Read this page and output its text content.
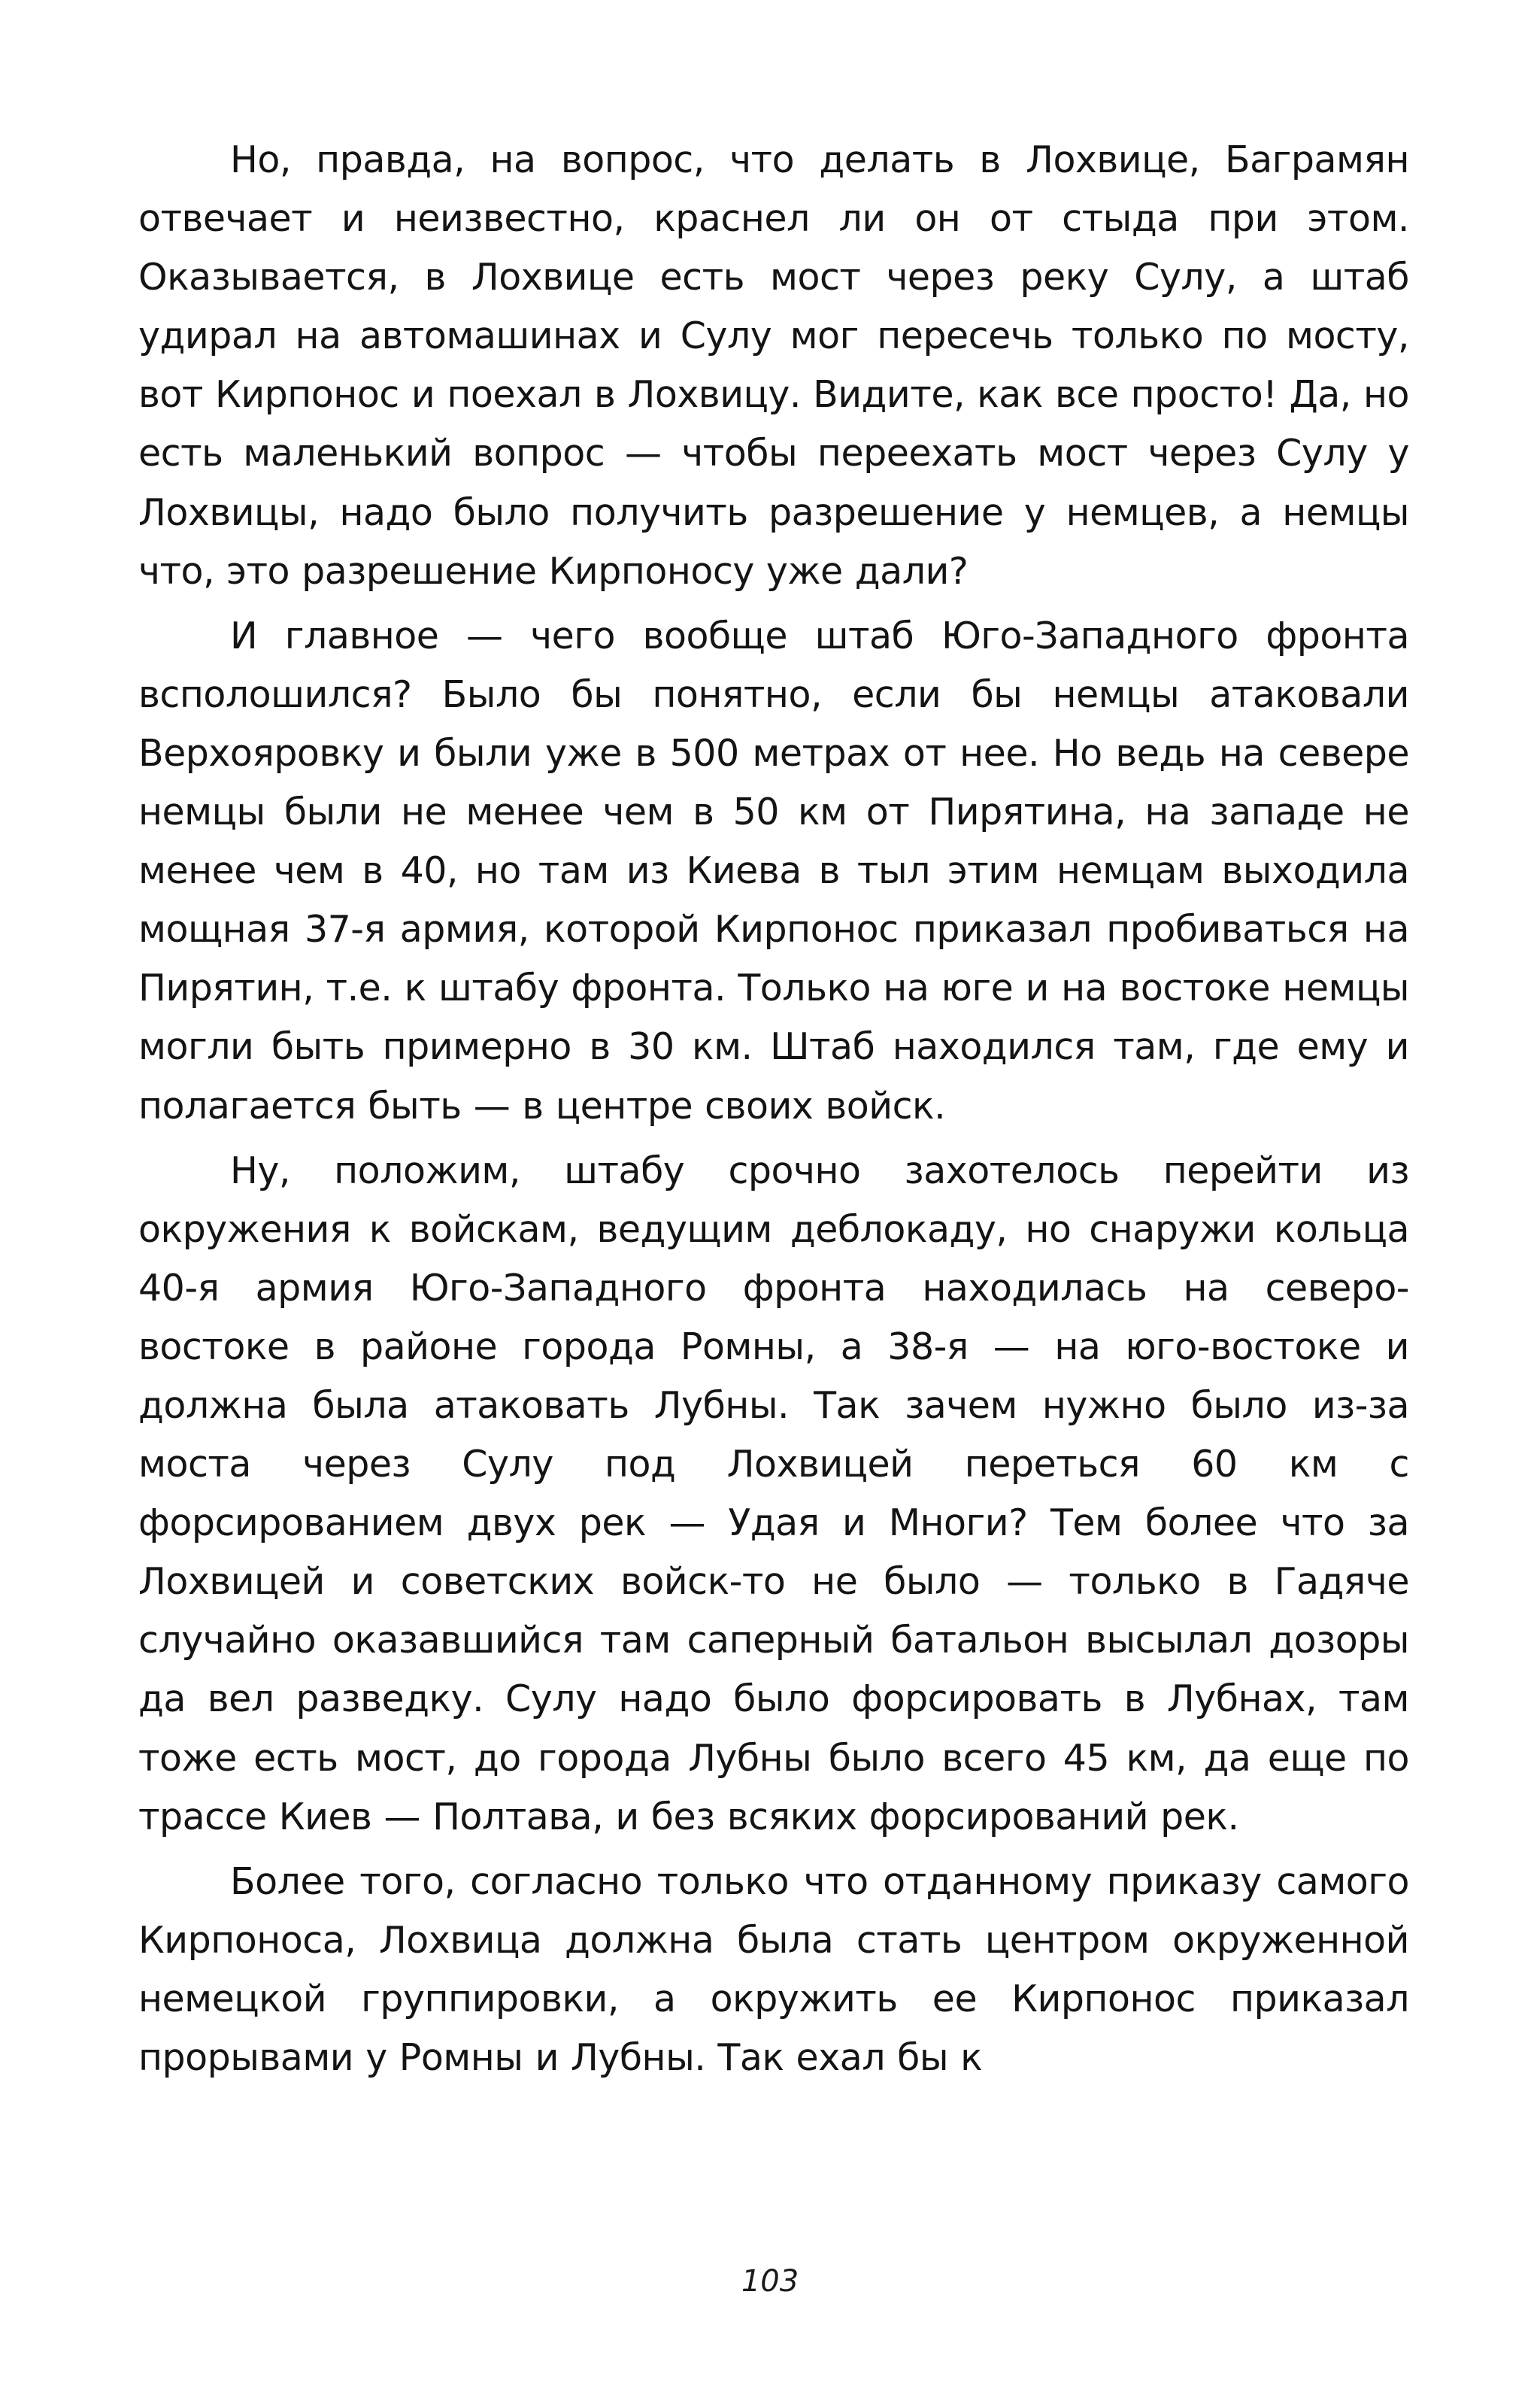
Но, правда, на вопрос, что делать в Лохвице, Баграмян отвечает и неизвестно, краснел ли он от стыда при этом. Оказывается, в Лохвице есть мост через реку Сулу, а штаб удирал на автомашинах и Сулу мог пересечь только по мосту, вот Кирпонос и поехал в Лохвицу. Видите, как все просто! Да, но есть маленький вопрос — чтобы переехать мост через Сулу у Лохвицы, надо было получить разрешение у немцев, а немцы что, это разрешение Кирпоносу уже дали?

И главное — чего вообще штаб Юго-Западного фронта всполошился? Было бы понятно, если бы немцы атаковали Верхояровку и были уже в 500 метрах от нее. Но ведь на севере немцы были не менее чем в 50 км от Пирятина, на западе не менее чем в 40, но там из Киева в тыл этим немцам выходила мощная 37-я армия, которой Кирпонос приказал пробиваться на Пирятин, т.е. к штабу фронта. Только на юге и на востоке немцы могли быть примерно в 30 км. Штаб находился там, где ему и полагается быть — в центре своих войск.

Ну, положим, штабу срочно захотелось перейти из окружения к войскам, ведущим деблокаду, но снаружи кольца 40-я армия Юго-Западного фронта находилась на северо-востоке в районе города Ромны, а 38-я — на юго-востоке и должна была атаковать Лубны. Так зачем нужно было из-за моста через Сулу под Лохвицей переться 60 км с форсированием двух рек — Удая и Многи? Тем более что за Лохвицей и советских войск-то не было — только в Гадяче случайно оказавшийся там саперный батальон высылал дозоры да вел разведку. Сулу надо было форсировать в Лубнах, там тоже есть мост, до города Лубны было всего 45 км, да еще по трассе Киев — Полтава, и без всяких форсирований рек.

Более того, согласно только что отданному приказу самого Кирпоноса, Лохвица должна была стать центром окруженной немецкой группировки, а окружить ее Кирпонос приказал прорывами у Ромны и Лубны. Так ехал бы к

103
